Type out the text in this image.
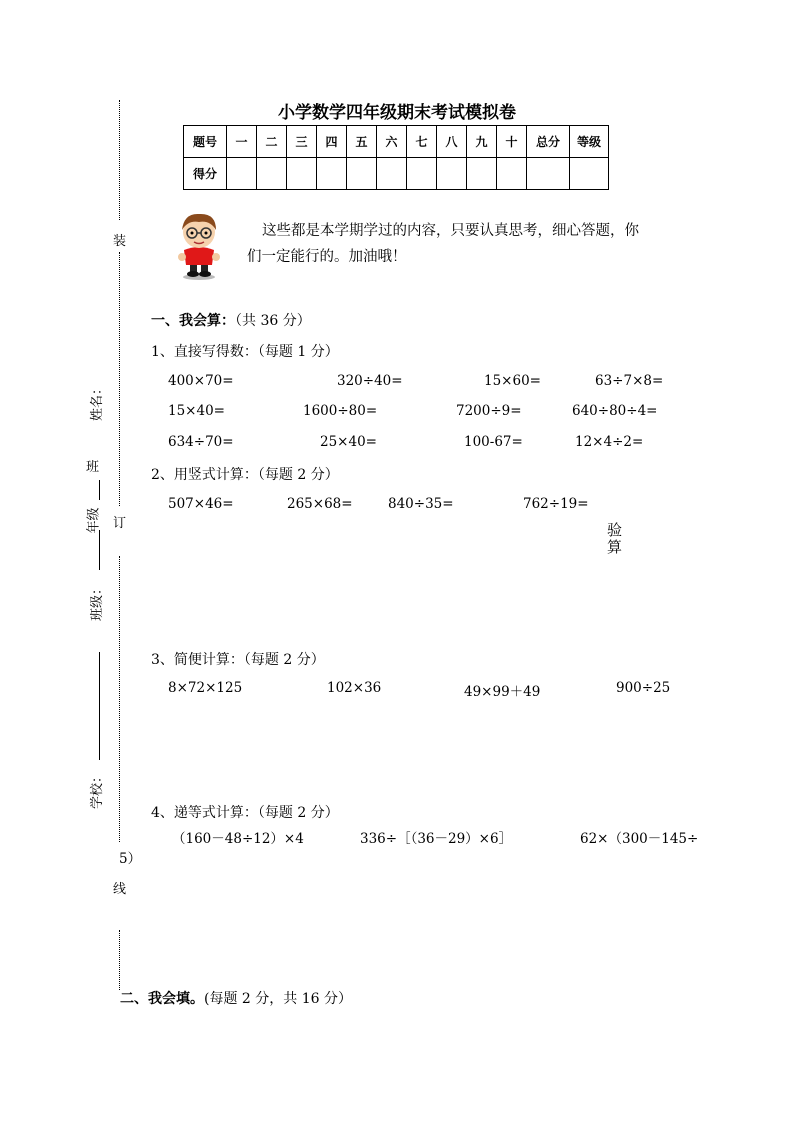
小学数学四年级期末考试模拟卷
题号	一	二	三	四	五	六	七	八	九	十	总分	等级
得分												
这些都是本学期学过的内容，只要认真思考，细心答题，你
们一定能行的。加油哦！
装
订
线
姓名：
班
年级
班级：
学校：
一、我会算：（共 36 分）
1、直接写得数：（每题 1 分）
400×70=	320÷40=	15×60=	63÷7×8=
15×40=	1600÷80=	7200÷9=	640÷80÷4=
634÷70=	25×40=	100-67=	12×4÷2=
2、用竖式计算：（每题 2 分）
507×46=	265×68=	840÷35=	762÷19=
验
算
3、简便计算：（每题 2 分）
8×72×125	102×36	49×99＋49	900÷25
4、递等式计算：（每题 2 分）
（160－48÷12）×4	336÷［（36－29）×6］	62×（300－145÷
5）
二、我会填。(每题 2 分，共 16 分）
